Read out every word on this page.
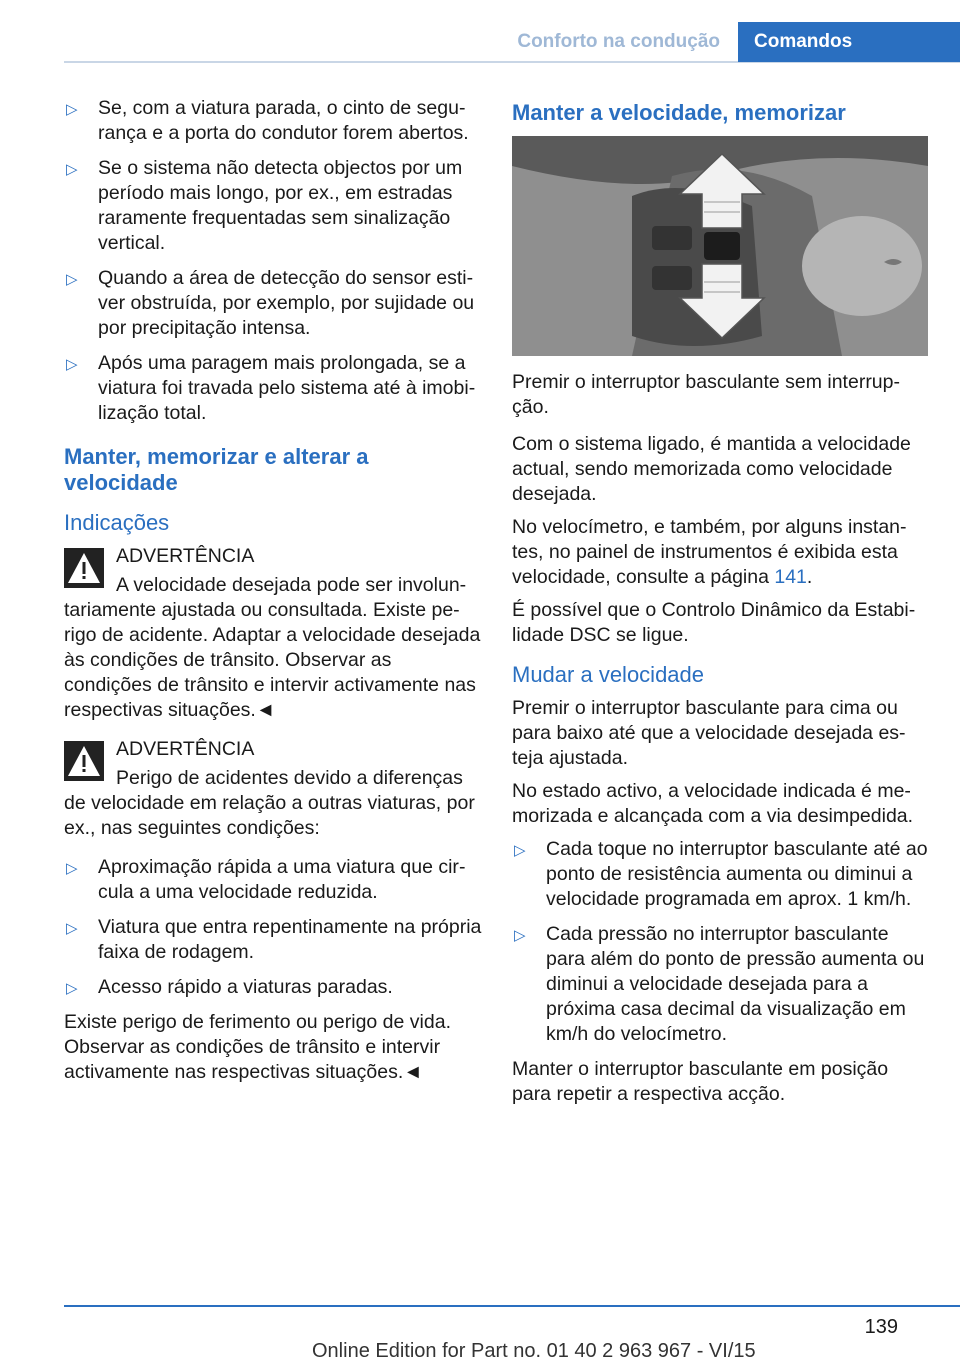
Conforto na condução	Comandos
▷ Se, com a viatura parada, o cinto de segurança e a porta do condutor forem abertos.
▷ Se o sistema não detecta objectos por um período mais longo, por ex., em estradas raramente frequentadas sem sinalização vertical.
▷ Quando a área de detecção do sensor estiver obstruída, por exemplo, por sujidade ou por precipitação intensa.
▷ Após uma paragem mais prolongada, se a viatura foi travada pelo sistema até à imobilização total.
Manter, memorizar e alterar a velocidade
Indicações
ADVERTÊNCIA
A velocidade desejada pode ser involuntariamente ajustada ou consultada. Existe perigo de acidente. Adaptar a velocidade desejada às condições de trânsito. Observar as condições de trânsito e intervir activamente nas respectivas situações.◄
ADVERTÊNCIA
Perigo de acidentes devido a diferenças de velocidade em relação a outras viaturas, por ex., nas seguintes condições:
▷ Aproximação rápida a uma viatura que circula a uma velocidade reduzida.
▷ Viatura que entra repentinamente na própria faixa de rodagem.
▷ Acesso rápido a viaturas paradas.

Existe perigo de ferimento ou perigo de vida. Observar as condições de trânsito e intervir activamente nas respectivas situações.◄

Manter a velocidade, memorizar

Premir o interruptor basculante sem interrupção.

Com o sistema ligado, é mantida a velocidade actual, sendo memorizada como velocidade desejada.

No velocímetro, e também, por alguns instantes, no painel de instrumentos é exibida esta velocidade, consulte a página 141.

É possível que o Controlo Dinâmico da Estabilidade DSC se ligue.

Mudar a velocidade

Premir o interruptor basculante para cima ou para baixo até que a velocidade desejada esteja ajustada.

No estado activo, a velocidade indicada é memorizada e alcançada com a via desimpedida.

▷ Cada toque no interruptor basculante até ao ponto de resistência aumenta ou diminui a velocidade programada em aprox. 1 km/h.
▷ Cada pressão no interruptor basculante para além do ponto de pressão aumenta ou diminui a velocidade desejada para a próxima casa decimal da visualização em km/h do velocímetro.

Manter o interruptor basculante em posição para repetir a respectiva acção.

139
Online Edition for Part no. 01 40 2 963 967 - VI/15
